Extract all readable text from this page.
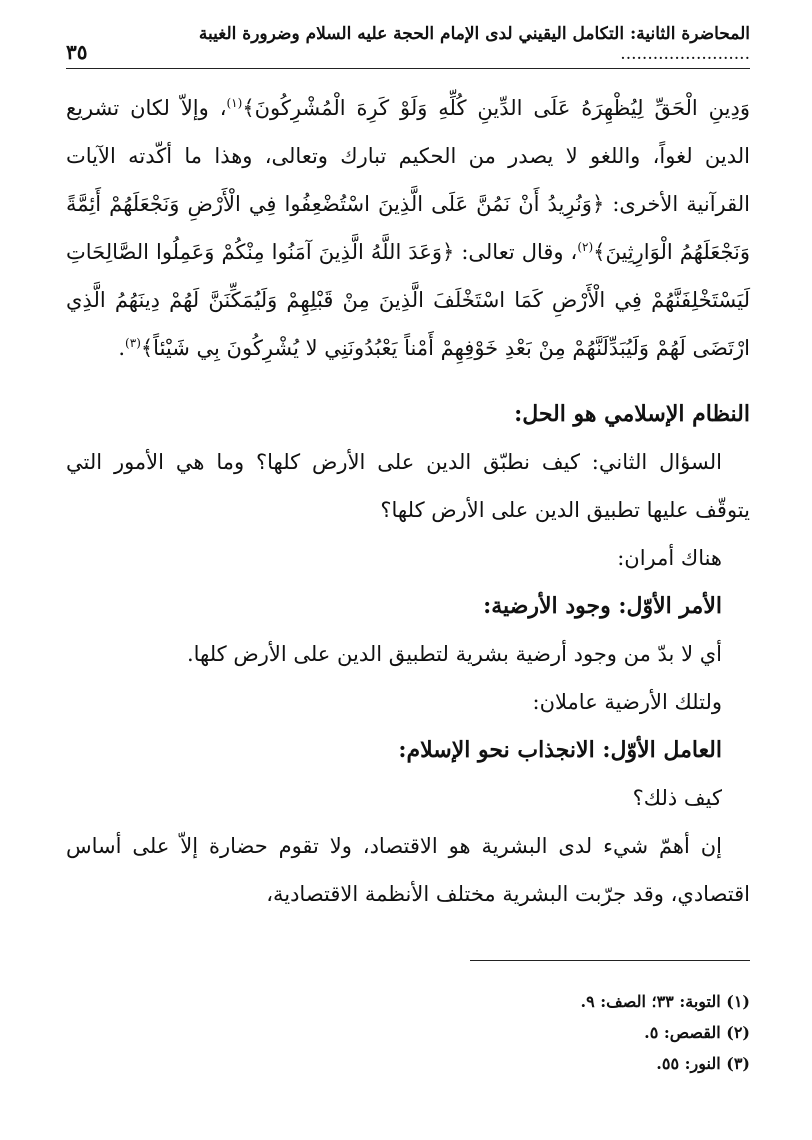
المحاضرة الثانية: التكامل اليقيني لدى الإمام الحجة عليه السلام وضرورة الغيبة ........................
٣٥

وَدِينِ الْحَقِّ لِيُظْهِرَهُ عَلَى الدِّينِ كُلِّهِ وَلَوْ كَرِهَ الْمُشْرِكُونَ﴾$^{(١)}$، وإلاّ لكان تشريع الدين لغواً، واللغو لا يصدر من الحكيم تبارك وتعالى، وهذا ما أكّدته الآيات القرآنية الأخرى: ﴿وَنُرِيدُ أَنْ نَمُنَّ عَلَى الَّذِينَ اسْتُضْعِفُوا فِي الْأَرْضِ وَنَجْعَلَهُمْ أَئِمَّةً وَنَجْعَلَهُمُ الْوَارِثِينَ﴾$^{(٢)}$، وقال تعالى: ﴿وَعَدَ اللَّهُ الَّذِينَ آمَنُوا مِنْكُمْ وَعَمِلُوا الصَّالِحَاتِ لَيَسْتَخْلِفَنَّهُمْ فِي الْأَرْضِ كَمَا اسْتَخْلَفَ الَّذِينَ مِنْ قَبْلِهِمْ وَلَيُمَكِّنَنَّ لَهُمْ دِينَهُمُ الَّذِي ارْتَضَى لَهُمْ وَلَيُبَدِّلَنَّهُمْ مِنْ بَعْدِ خَوْفِهِمْ أَمْناً يَعْبُدُونَنِي لا يُشْرِكُونَ بِي شَيْئاً﴾$^{(٣)}$.

النظام الإسلامي هو الحل:

السؤال الثاني: كيف نطبّق الدين على الأرض كلها؟ وما هي الأمور التي يتوقّف عليها تطبيق الدين على الأرض كلها؟

هناك أمران:

الأمر الأوّل: وجود الأرضية:

أي لا بدّ من وجود أرضية بشرية لتطبيق الدين على الأرض كلها.

ولتلك الأرضية عاملان:

العامل الأوّل: الانجذاب نحو الإسلام:

كيف ذلك؟

إن أهمّ شيء لدى البشرية هو الاقتصاد، ولا تقوم حضارة إلاّ على أساس اقتصادي، وقد جرّبت البشرية مختلف الأنظمة الاقتصادية،

(١) التوبة: ٣٣؛ الصف: ٩.
(٢) القصص: ٥.
(٣) النور: ٥٥.
